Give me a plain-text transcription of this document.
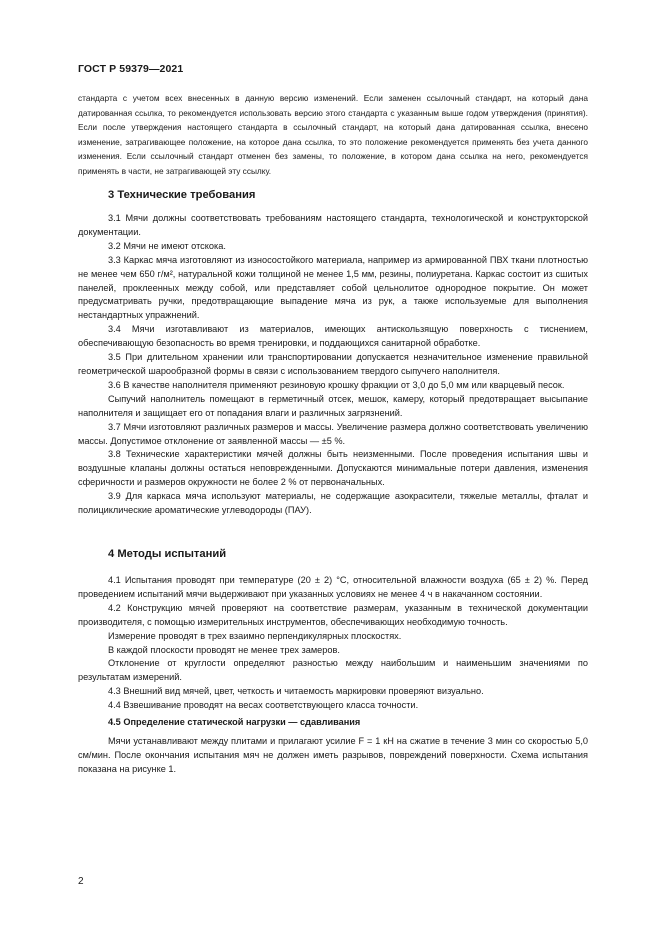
ГОСТ Р 59379—2021

стандарта с учетом всех внесенных в данную версию изменений. Если заменен ссылочный стандарт, на который дана датированная ссылка, то рекомендуется использовать версию этого стандарта с указанным выше годом утверждения (принятия). Если после утверждения настоящего стандарта в ссылочный стандарт, на который дана датированная ссылка, внесено изменение, затрагивающее положение, на которое дана ссылка, то это положение рекомендуется применять без учета данного изменения. Если ссылочный стандарт отменен без замены, то положение, в котором дана ссылка на него, рекомендуется применять в части, не затрагивающей эту ссылку.

3 Технические требования

3.1 Мячи должны соответствовать требованиям настоящего стандарта, технологической и конструкторской документации.

3.2 Мячи не имеют отскока.

3.3 Каркас мяча изготовляют из износостойкого материала, например из армированной ПВХ ткани плотностью не менее чем 650 г/м², натуральной кожи толщиной не менее 1,5 мм, резины, полиуретана. Каркас состоит из сшитых панелей, проклеенных между собой, или представляет собой цельнолитое однородное покрытие. Он может предусматривать ручки, предотвращающие выпадение мяча из рук, а также используемые для выполнения нестандартных упражнений.

3.4 Мячи изготавливают из материалов, имеющих антискользящую поверхность с тиснением, обеспечивающую безопасность во время тренировки, и поддающихся санитарной обработке.

3.5 При длительном хранении или транспортировании допускается незначительное изменение правильной геометрической шарообразной формы в связи с использованием твердого сыпучего наполнителя.

3.6 В качестве наполнителя применяют резиновую крошку фракции от 3,0 до 5,0 мм или кварцевый песок.

Сыпучий наполнитель помещают в герметичный отсек, мешок, камеру, который предотвращает высыпание наполнителя и защищает его от попадания влаги и различных загрязнений.

3.7 Мячи изготовляют различных размеров и массы. Увеличение размера должно соответствовать увеличению массы. Допустимое отклонение от заявленной массы — ±5 %.

3.8 Технические характеристики мячей должны быть неизменными. После проведения испытания швы и воздушные клапаны должны остаться неповрежденными. Допускаются минимальные потери давления, изменения сферичности и размеров окружности не более 2 % от первоначальных.

3.9 Для каркаса мяча используют материалы, не содержащие азокрасители, тяжелые металлы, фталат и полициклические ароматические углеводороды (ПАУ).

4 Методы испытаний

4.1 Испытания проводят при температуре (20 ± 2) °C, относительной влажности воздуха (65 ± 2) %. Перед проведением испытаний мячи выдерживают при указанных условиях не менее 4 ч в накачанном состоянии.

4.2 Конструкцию мячей проверяют на соответствие размерам, указанным в технической документации производителя, с помощью измерительных инструментов, обеспечивающих необходимую точность.

Измерение проводят в трех взаимно перпендикулярных плоскостях.

В каждой плоскости проводят не менее трех замеров.

Отклонение от круглости определяют разностью между наибольшим и наименьшим значениями по результатам измерений.

4.3 Внешний вид мячей, цвет, четкость и читаемость маркировки проверяют визуально.

4.4 Взвешивание проводят на весах соответствующего класса точности.

4.5 Определение статической нагрузки — сдавливания

Мячи устанавливают между плитами и прилагают усилие F = 1 кН на сжатие в течение 3 мин со скоростью 5,0 см/мин. После окончания испытания мяч не должен иметь разрывов, повреждений поверхности. Схема испытания показана на рисунке 1.

2
